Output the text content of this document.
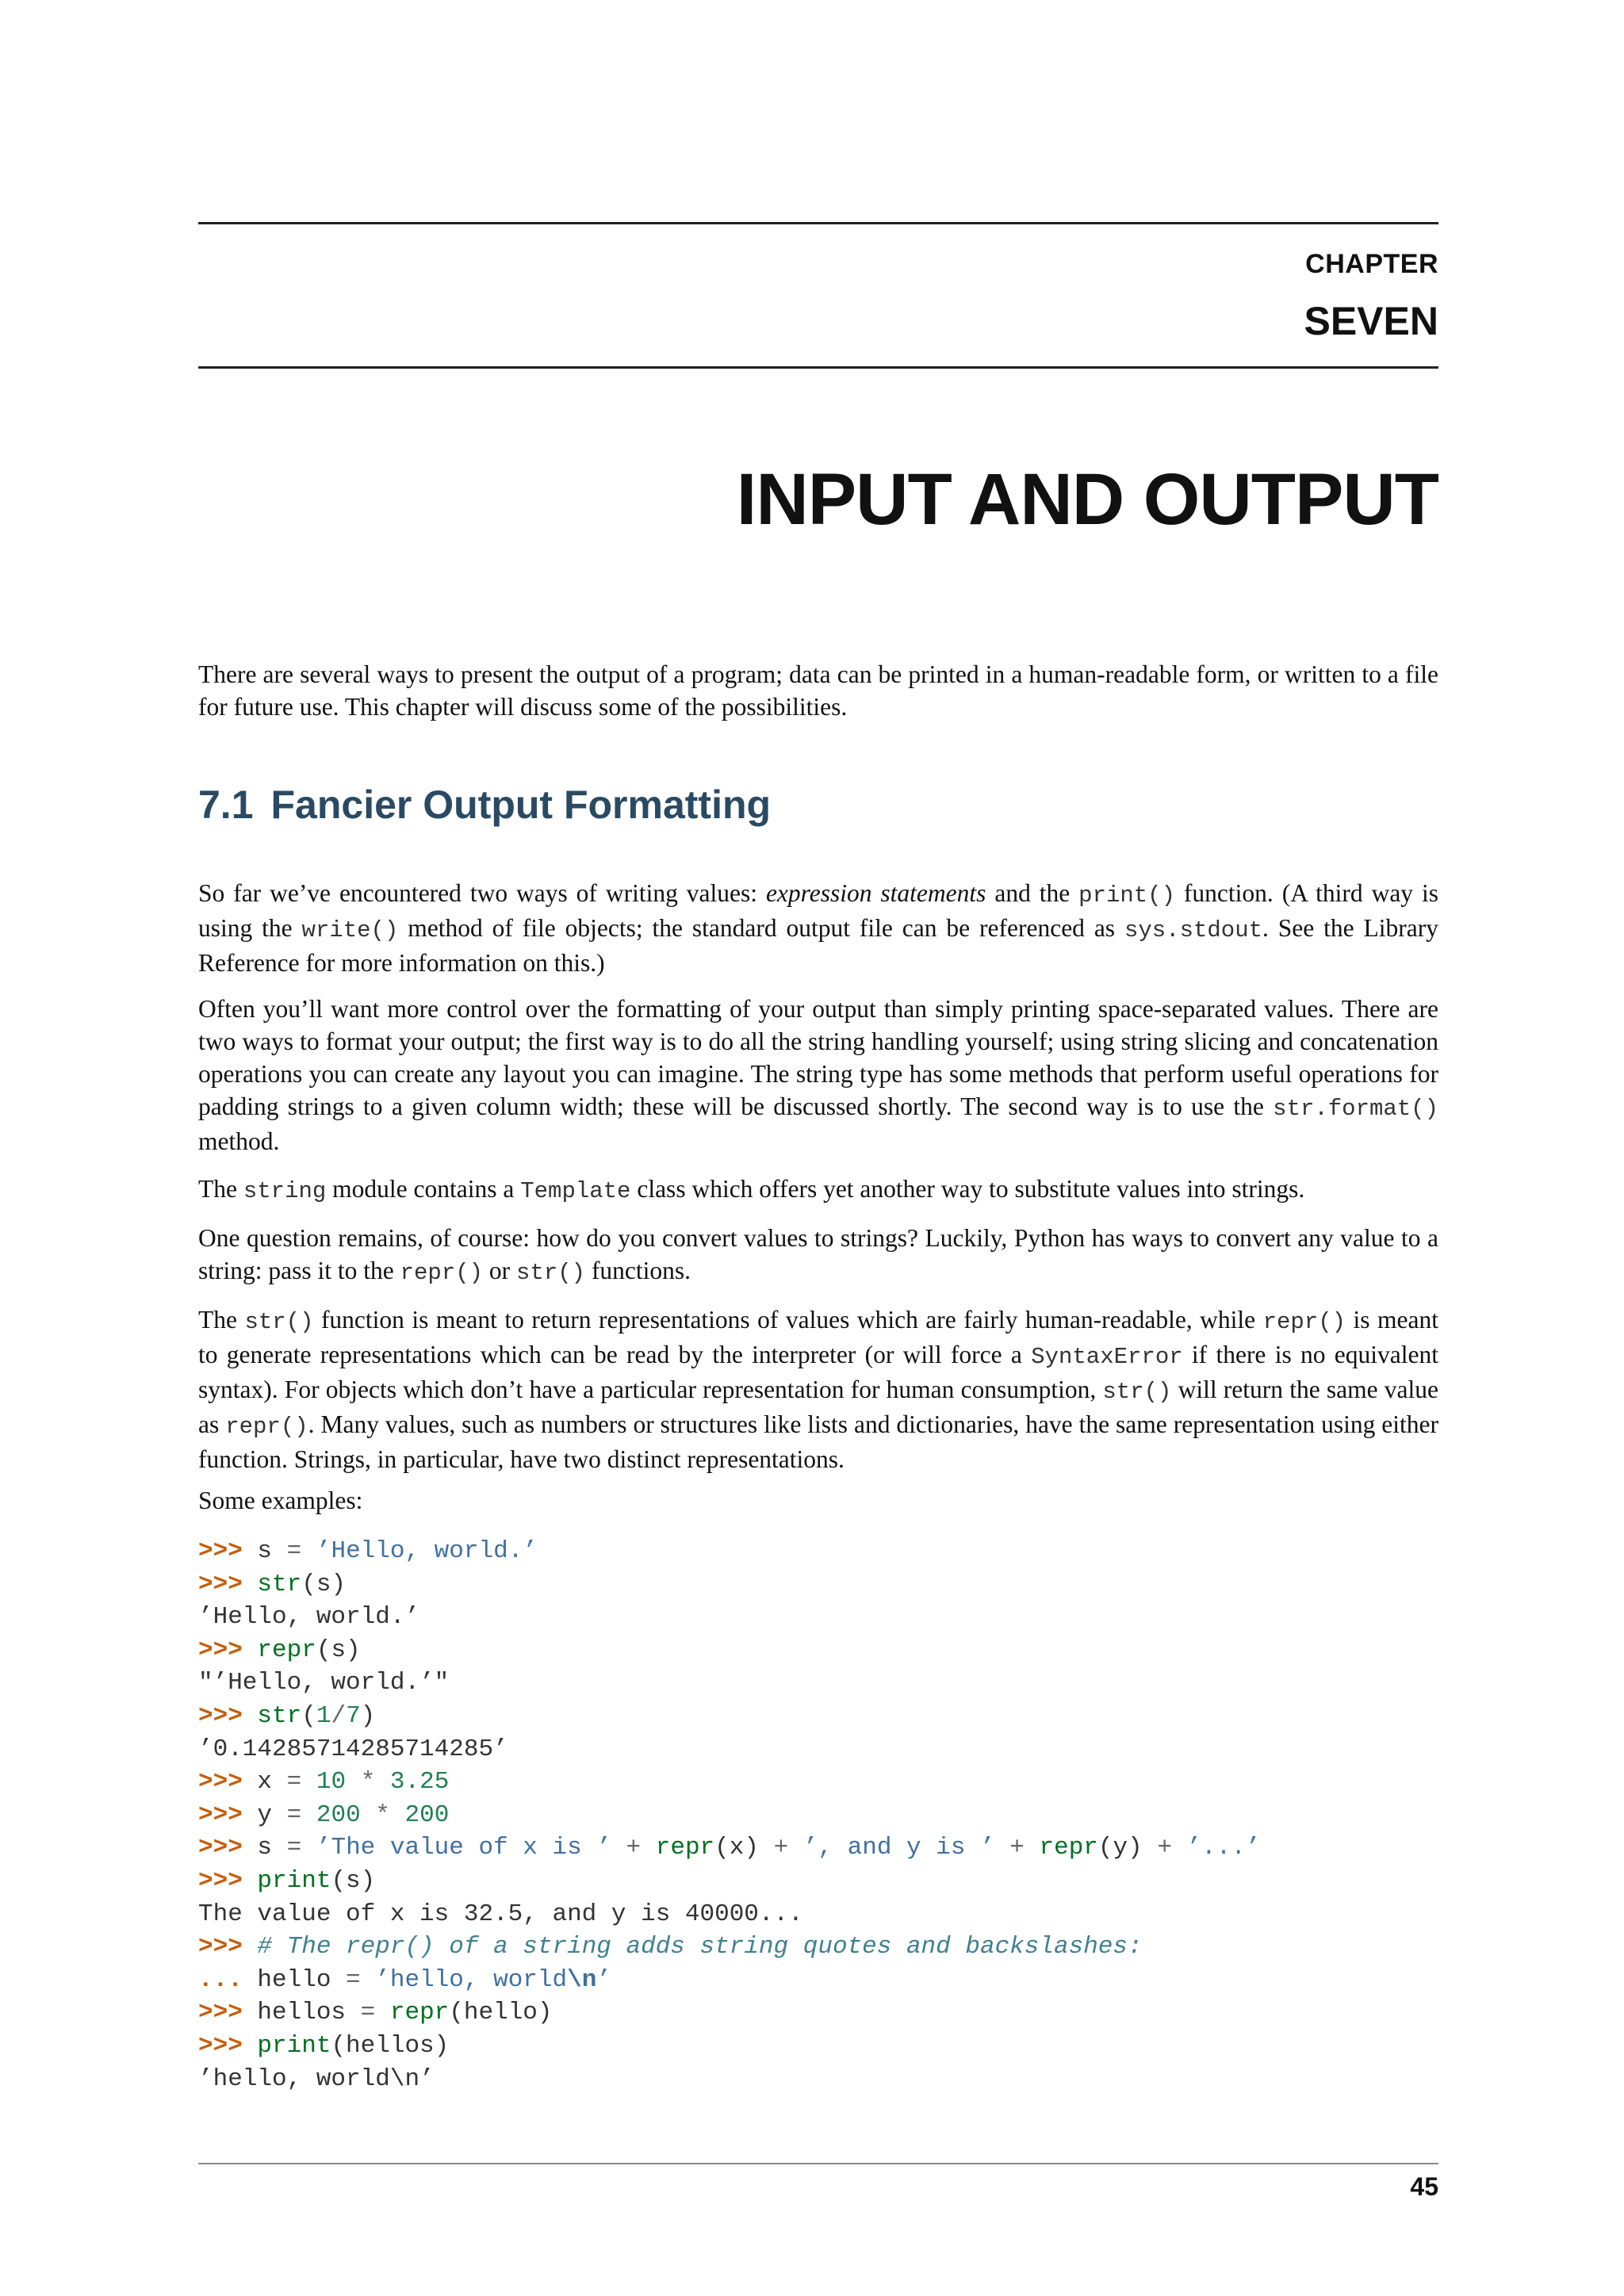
CHAPTER
SEVEN
INPUT AND OUTPUT
There are several ways to present the output of a program; data can be printed in a human-readable form, or written to a file for future use. This chapter will discuss some of the possibilities.
7.1 Fancier Output Formatting
So far we’ve encountered two ways of writing values: expression statements and the print() function. (A third way is using the write() method of file objects; the standard output file can be referenced as sys.stdout. See the Library Reference for more information on this.)
Often you’ll want more control over the formatting of your output than simply printing space-separated values. There are two ways to format your output; the first way is to do all the string handling yourself; using string slicing and concatenation operations you can create any layout you can imagine. The string type has some methods that perform useful operations for padding strings to a given column width; these will be discussed shortly. The second way is to use the str.format() method.
The string module contains a Template class which offers yet another way to substitute values into strings.
One question remains, of course: how do you convert values to strings? Luckily, Python has ways to convert any value to a string: pass it to the repr() or str() functions.
The str() function is meant to return representations of values which are fairly human-readable, while repr() is meant to generate representations which can be read by the interpreter (or will force a SyntaxError if there is no equivalent syntax). For objects which don’t have a particular representation for human consumption, str() will return the same value as repr(). Many values, such as numbers or structures like lists and dictionaries, have the same representation using either function. Strings, in particular, have two distinct representations.
Some examples:
>>> s = ’Hello, world.’
>>> str(s)
’Hello, world.’
>>> repr(s)
"’Hello, world.’"
>>> str(1/7)
’0.14285714285714285’
>>> x = 10 * 3.25
>>> y = 200 * 200
>>> s = ’The value of x is ’ + repr(x) + ’, and y is ’ + repr(y) + ’...’
>>> print(s)
The value of x is 32.5, and y is 40000...
>>> # The repr() of a string adds string quotes and backslashes:
... hello = ’hello, world\n’
>>> hellos = repr(hello)
>>> print(hellos)
’hello, world\n’
45
